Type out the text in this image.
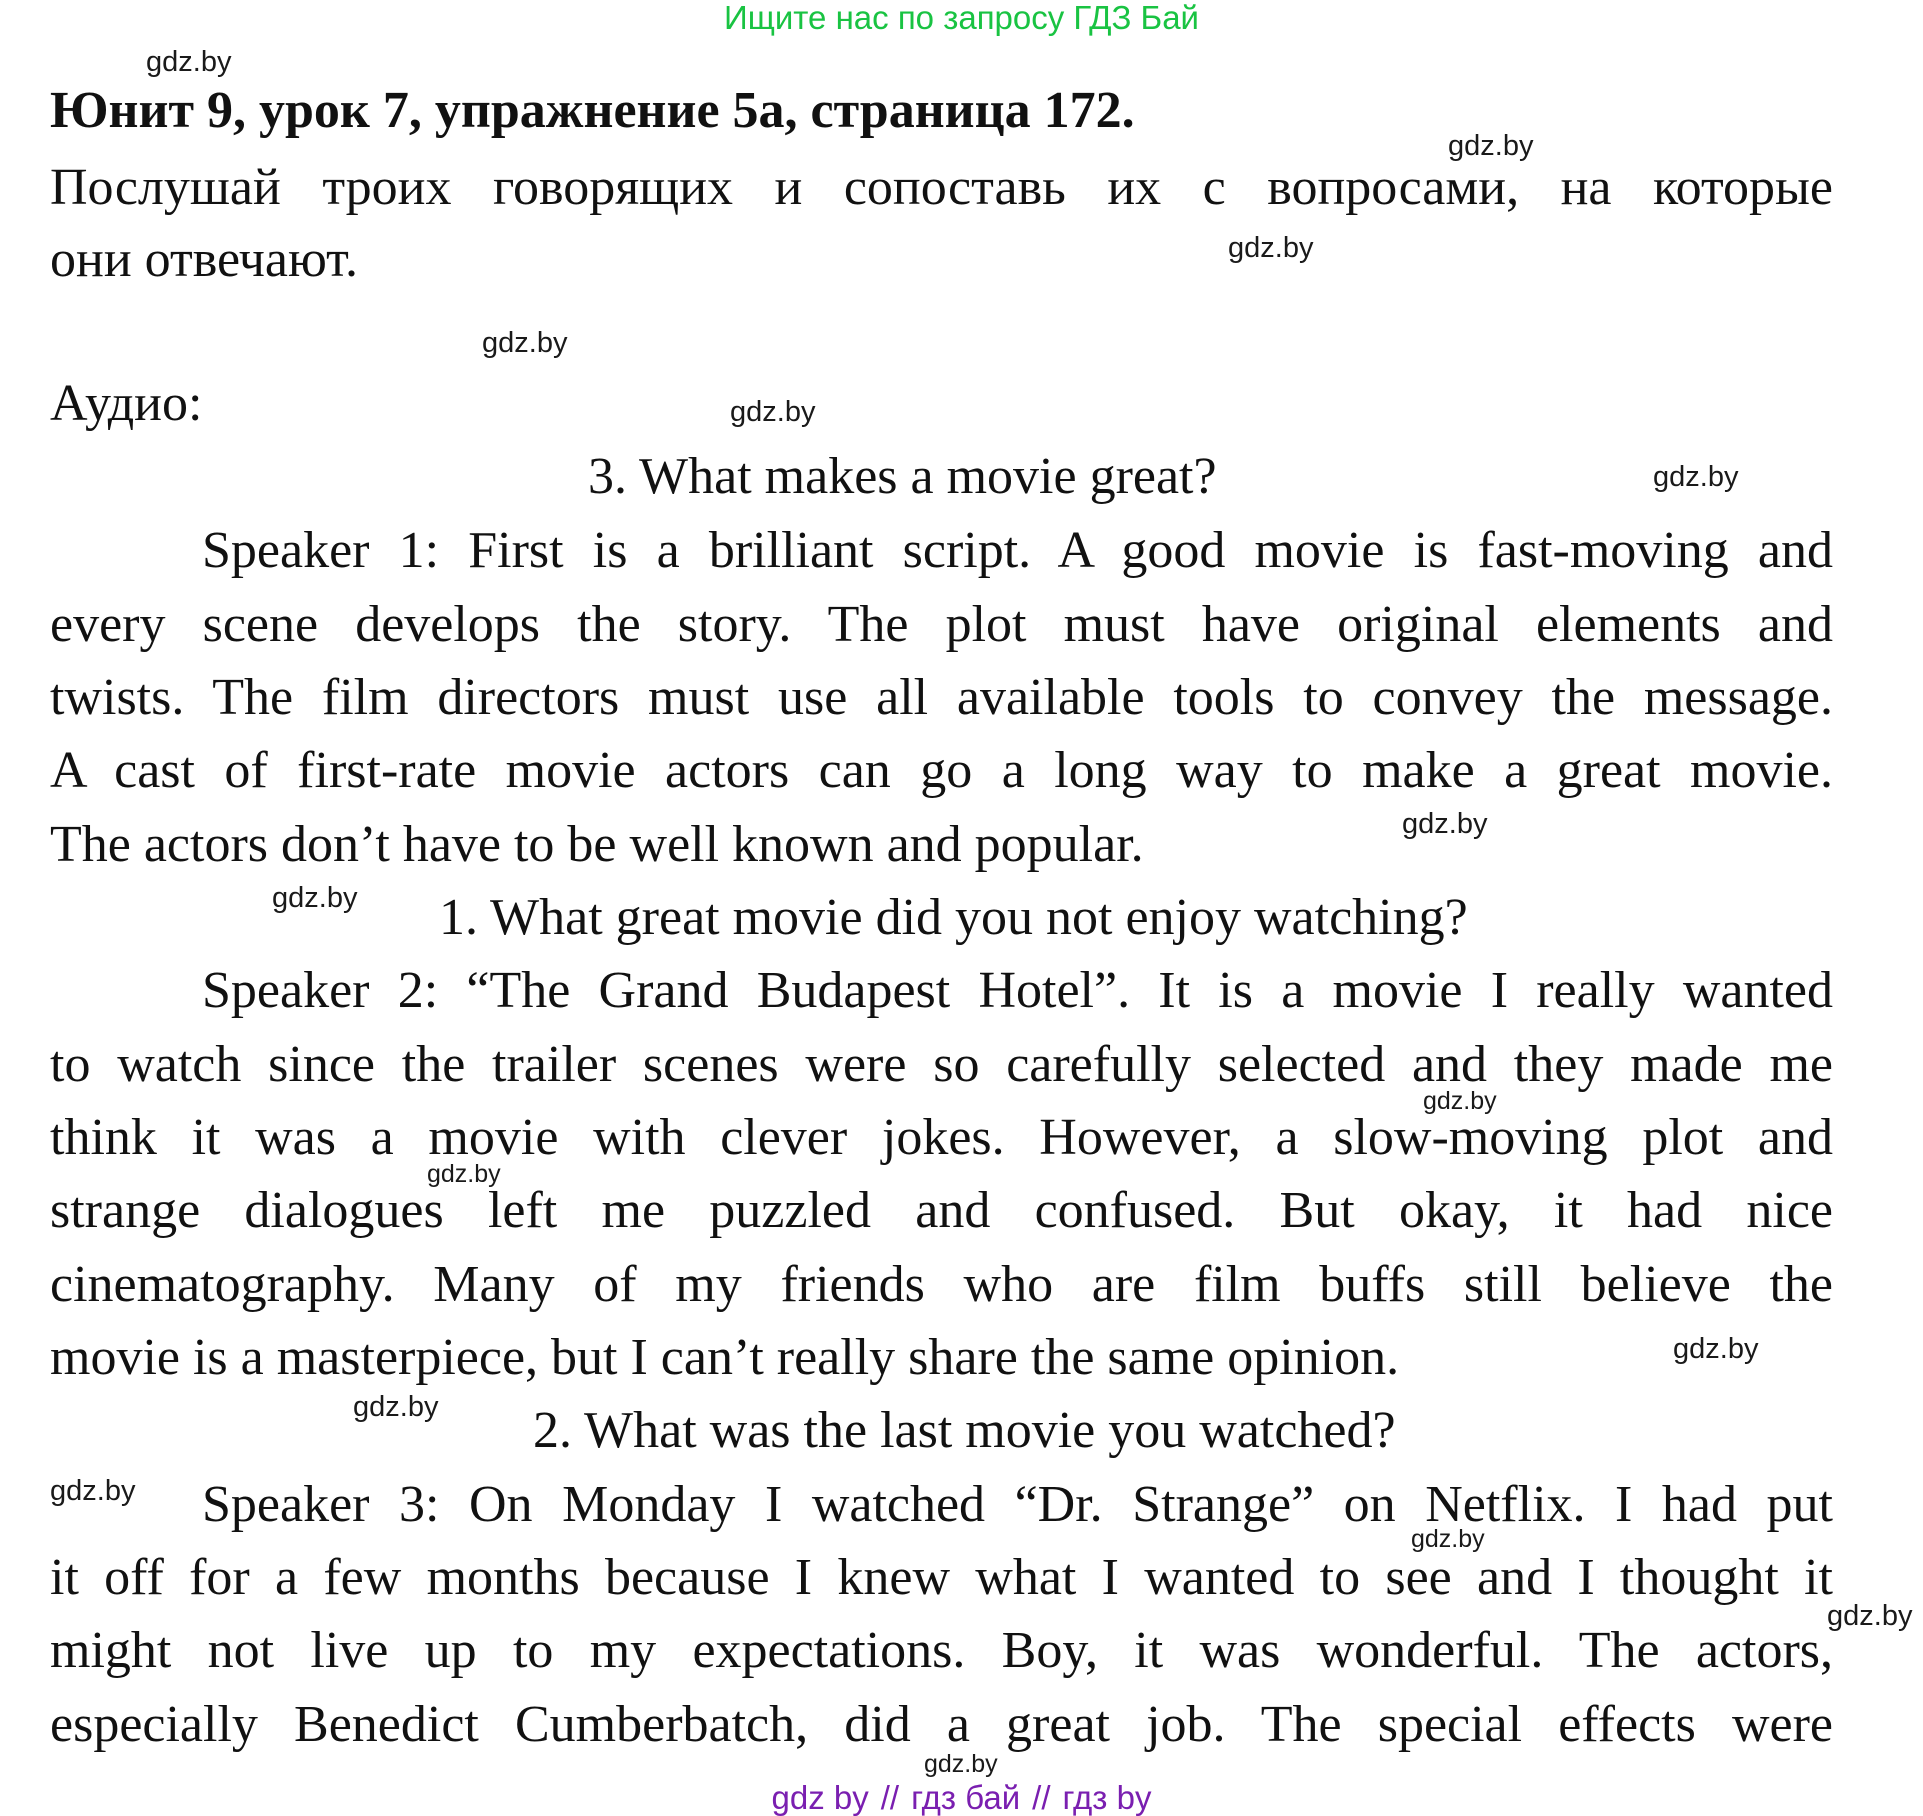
Ищите нас по запросу ГДЗ Бай
Юнит 9, урок 7, упражнение 5a, страница 172.
Послушай троих говорящих и сопоставь их с вопросами, на которые
они отвечают.
Аудио:
3. What makes a movie great?
Speaker 1: First is a brilliant script. A good movie is fast-moving and
every scene develops the story. The plot must have original elements and
twists. The film directors must use all available tools to convey the message.
A cast of first-rate movie actors can go a long way to make a great movie.
The actors don’t have to be well known and popular.
1. What great movie did you not enjoy watching?
Speaker 2: “The Grand Budapest Hotel”. It is a movie I really wanted
to watch since the trailer scenes were so carefully selected and they made me
think it was a movie with clever jokes. However, a slow-moving plot and
strange dialogues left me puzzled and confused. But okay, it had nice
cinematography. Many of my friends who are film buffs still believe the
movie is a masterpiece, but I can’t really share the same opinion.
2. What was the last movie you watched?
Speaker 3: On Monday I watched “Dr. Strange” on Netflix. I had put
it off for a few months because I knew what I wanted to see and I thought it
might not live up to my expectations. Boy, it was wonderful. The actors,
especially Benedict Cumberbatch, did a great job. The special effects were
gdz.by
gdz.by
gdz.by
gdz.by
gdz.by
gdz.by
gdz.by
gdz.by
gdz.by
gdz.by
gdz.by
gdz.by
gdz.by
gdz.by
gdz.by
gdz.by
gdz by // гдз бай // гдз by
